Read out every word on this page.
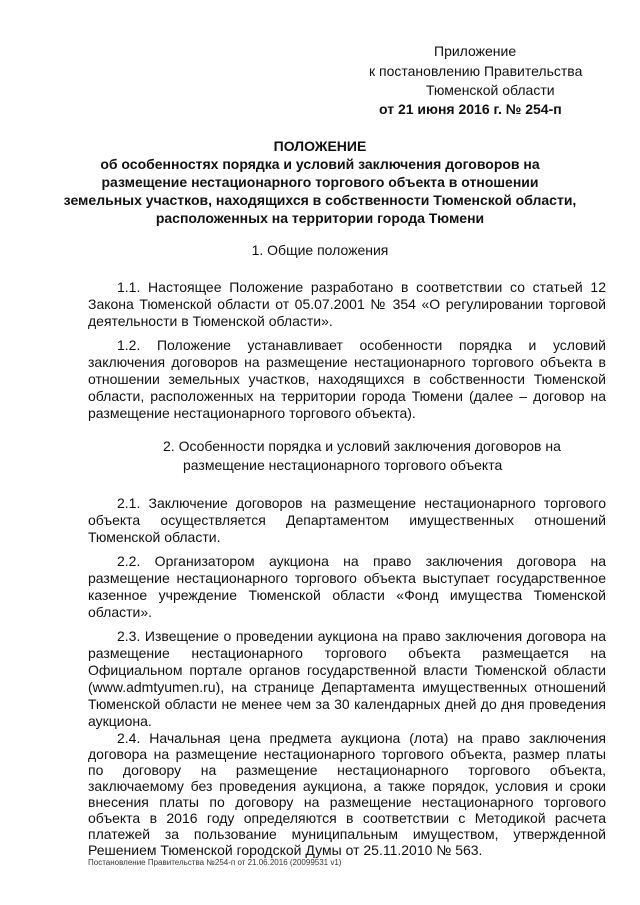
Приложение
к постановлению Правительства
Тюменской области
от 21 июня 2016 г. № 254-п
ПОЛОЖЕНИЕ
об особенностях порядка и условий заключения договоров на
размещение нестационарного торгового объекта в отношении
земельных участков, находящихся в собственности Тюменской области,
расположенных на территории города Тюмени
1. Общие положения
1.1. Настоящее Положение разработано в соответствии со статьей 12
Закона Тюменской области от 05.07.2001 № 354 «О регулировании торговой
деятельности в Тюменской области».
1.2. Положение устанавливает особенности порядка и условий
заключения договоров на размещение нестационарного торгового объекта в
отношении земельных участков, находящихся в собственности Тюменской
области, расположенных на территории города Тюмени (далее – договор на
размещение нестационарного торгового объекта).
2. Особенности порядка и условий заключения договоров на
размещение нестационарного торгового объекта
2.1. Заключение договоров на размещение нестационарного торгового
объекта осуществляется Департаментом имущественных отношений
Тюменской области.
2.2. Организатором аукциона на право заключения договора на
размещение нестационарного торгового объекта выступает государственное
казенное учреждение Тюменской области «Фонд имущества Тюменской
области».
2.3. Извещение о проведении аукциона на право заключения договора на
размещение нестационарного торгового объекта размещается на
Официальном портале органов государственной власти Тюменской области
(www.admtyumen.ru), на странице Департамента имущественных отношений
Тюменской области не менее чем за 30 календарных дней до дня проведения
аукциона.
2.4. Начальная цена предмета аукциона (лота) на право заключения
договора на размещение нестационарного торгового объекта, размер платы
по договору на размещение нестационарного торгового объекта,
заключаемому без проведения аукциона, а также порядок, условия и сроки
внесения платы по договору на размещение нестационарного торгового
объекта в 2016 году определяются в соответствии с Методикой расчета
платежей за пользование муниципальным имуществом, утвержденной
Постановление Правительства №254-п от 21.06.2016 (20099531 v1)
Решением Тюменской городской Думы от 25.11.2010 № 563.
